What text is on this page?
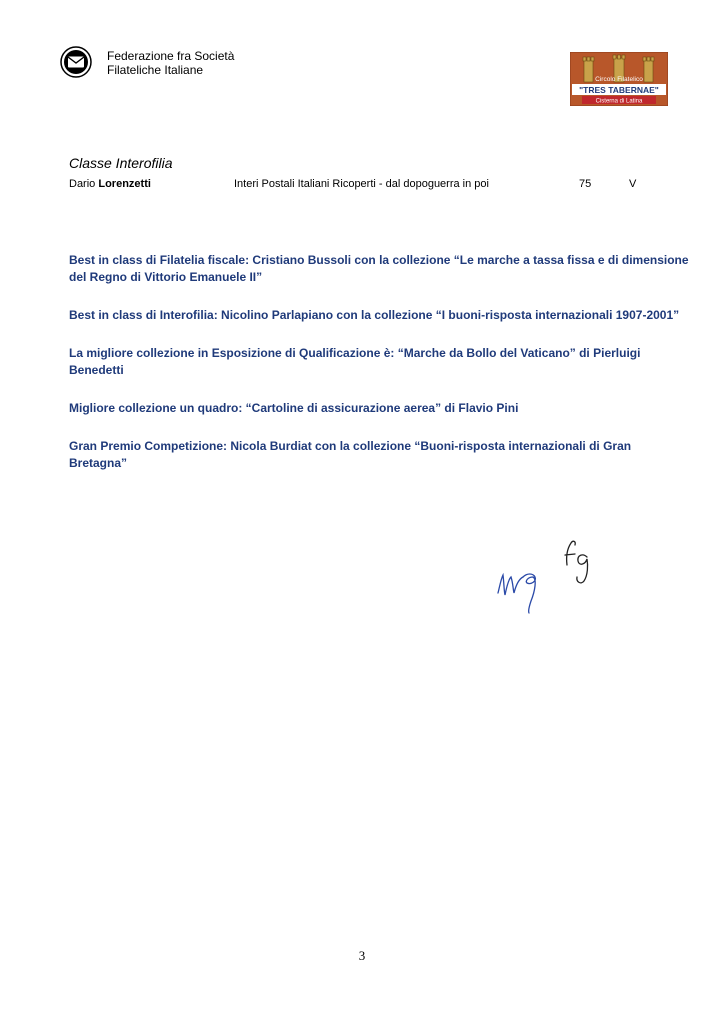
Federazione fra Società
Filateliche Italiane
Circolo Filatelico
"TRES TABERNAE"
Cisterna di Latina
Classe Interofilia
Dario Lorenzetti	Interi Postali Italiani Ricoperti - dal dopoguerra in poi	75	V
Best in class di Filatelia fiscale: Cristiano Bussoli con la collezione “Le marche a tassa fissa e di dimensione del Regno di Vittorio Emanuele II”
Best in class di Interofilia: Nicolino Parlapiano con la collezione “I buoni-risposta internazionali 1907-2001”
La migliore collezione in Esposizione di Qualificazione è: “Marche da Bollo del Vaticano” di Pierluigi Benedetti
Migliore collezione un quadro: “Cartoline di assicurazione aerea” di Flavio Pini
Gran Premio Competizione: Nicola Burdiat con la collezione “Buoni-risposta internazionali di Gran Bretagna”
3
